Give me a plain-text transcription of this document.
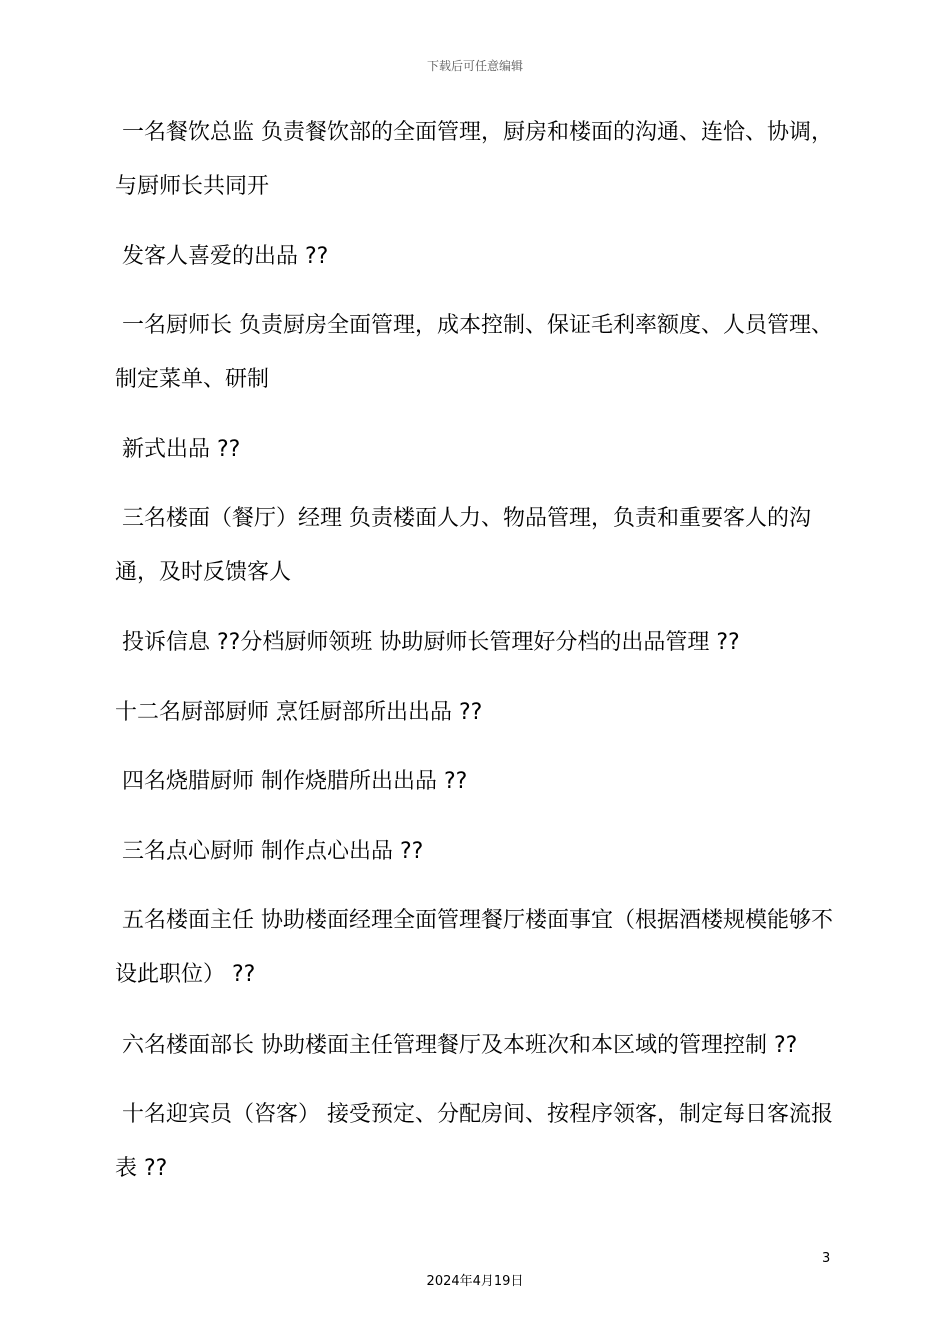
下载后可任意编辑
一名餐饮总监 负责餐饮部的全面管理，厨房和楼面的沟通、连恰、协调，与厨师长共同开
发客人喜爱的出品 ??
一名厨师长 负责厨房全面管理，成本控制、保证毛利率额度、人员管理、制定菜单、研制
新式出品 ??
三名楼面（餐厅）经理 负责楼面人力、物品管理，负责和重要客人的沟通，及时反馈客人
投诉信息 ??分档厨师领班 协助厨师长管理好分档的出品管理 ??
十二名厨部厨师 烹饪厨部所出出品 ??
四名烧腊厨师 制作烧腊所出出品 ??
三名点心厨师 制作点心出品 ??
五名楼面主任 协助楼面经理全面管理餐厅楼面事宜（根据酒楼规模能够不设此职位） ??
六名楼面部长 协助楼面主任管理餐厅及本班次和本区域的管理控制 ??
十名迎宾员（咨客） 接受预定、分配房间、按程序领客，制定每日客流报表 ??
3
2024年4月19日
